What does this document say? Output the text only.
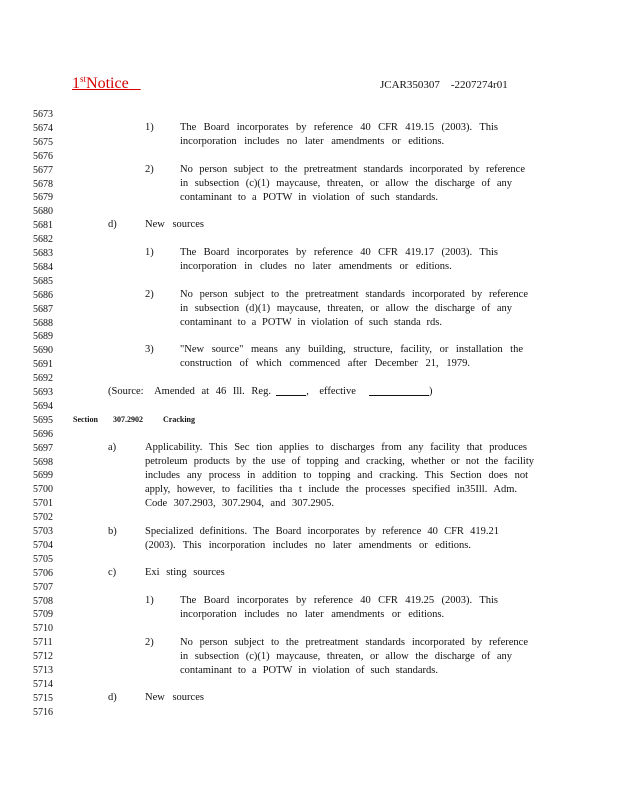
1stNotice	JCAR350307    -2207274r01
5673
5674
5675
5676
5677
5678
5679
5680
5681
5682
5683
5684
5685
5686
5687
5688
5689
5690
5691
5692
5693
5694
5695
5696
5697
5698
5699
5700
5701
5702
5703
5704
5705
5706
5707
5708
5709
5710
5711
5712
5713
5714
5715
5716
1)	The Board incorporates by reference 40 CFR 419.15 (2003). This
incorporation includes no later amendments or editions.
2)	No person subject to the pretreatment standards incorporated by reference
in subsection (c)(1) maycause, threaten, or allow the discharge of any
contaminant to a POTW in violation of such standards.
d)	New sources
1)	The Board incorporates by reference 40 CFR 419.17 (2003). This
incorporation in cludes no later amendments or editions.
2)	No person subject to the pretreatment standards incorporated by reference
in subsection (d)(1) maycause, threaten, or allow the discharge of any
contaminant to a POTW in violation of such standa rds.
3)	"New source" means any building, structure, facility, or installation the
construction of which commenced after December 21, 1979.
(Source: Amended at 46 Ill. Reg.	,    effective	)
Section 307.2902	Cracking
a)	Applicability. This Sec tion applies to discharges from any facility that produces
petroleum products by the use of topping and cracking, whether or not the facility
includes any process in addition to topping and cracking. This Section does not
apply, however, to facilities tha t include the processes specified in35Ill. Adm.
Code 307.2903, 307.2904, and 307.2905.
b)	Specialized definitions. The Board incorporates by reference 40 CFR 419.21
(2003). This incorporation includes no later amendments or editions.
c)	Exi sting sources
1)	The Board incorporates by reference 40 CFR 419.25 (2003). This
incorporation includes no later amendments or editions.
2)	No person subject to the pretreatment standards incorporated by reference
in subsection (c)(1) maycause, threaten, or allow the discharge of any
contaminant to a POTW in violation of such standards.
d)	New sources
